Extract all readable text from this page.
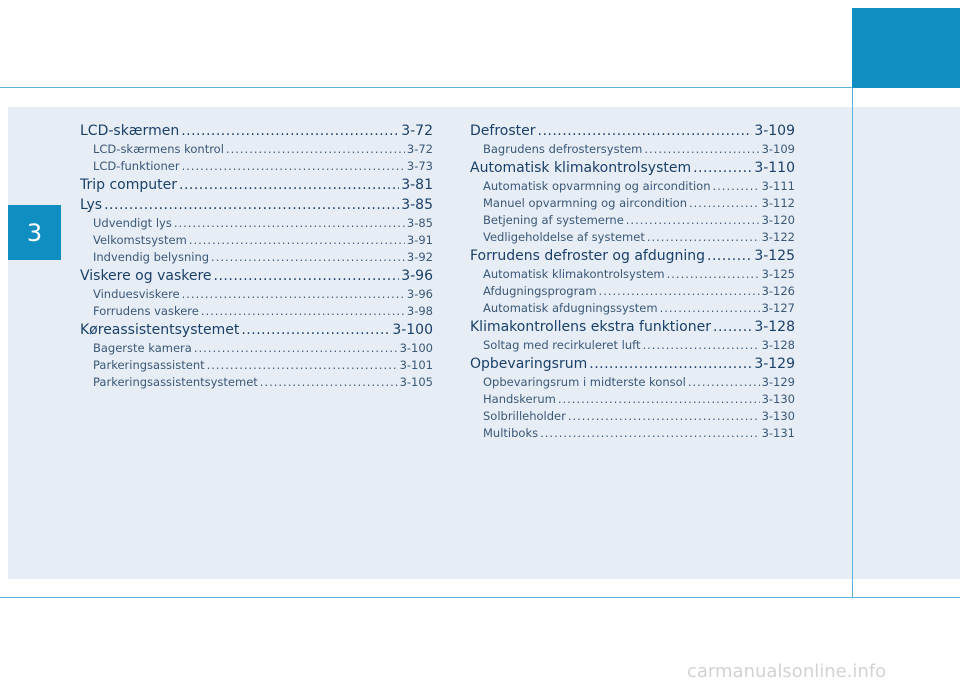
3
LCD-skærmen .....	3-72
LCD-skærmens kontrol .....	3-72
LCD-funktioner .....	3-73
Trip computer .....	3-81
Lys .....	3-85
Udvendigt lys .....	3-85
Velkomstsystem .....	3-91
Indvendig belysning .....	3-92
Viskere og vaskere .....	3-96
Vinduesviskere .....	3-96
Forrudens vaskere .....	3-98
Køreassistentsystemet .....	3-100
Bagerste kamera .....	3-100
Parkeringsassistent .....	3-101
Parkeringsassistentsystemet .....	3-105
Defroster .....	3-109
Bagrudens defrostersystem .....	3-109
Automatisk klimakontrolsystem .....	3-110
Automatisk opvarmning og aircondition .....	3-111
Manuel opvarmning og aircondition .....	3-112
Betjening af systemerne .....	3-120
Vedligeholdelse af systemet .....	3-122
Forrudens defroster og afdugning .....	3-125
Automatisk klimakontrolsystem .....	3-125
Afdugningsprogram .....	3-126
Automatisk afdugningssystem .....	3-127
Klimakontrollens ekstra funktioner .....	3-128
Soltag med recirkuleret luft .....	3-128
Opbevaringsrum .....	3-129
Opbevaringsrum i midterste konsol .....	3-129
Handskerum .....	3-130
Solbrilleholder .....	3-130
Multiboks .....	3-131
carmanualsonline.info
